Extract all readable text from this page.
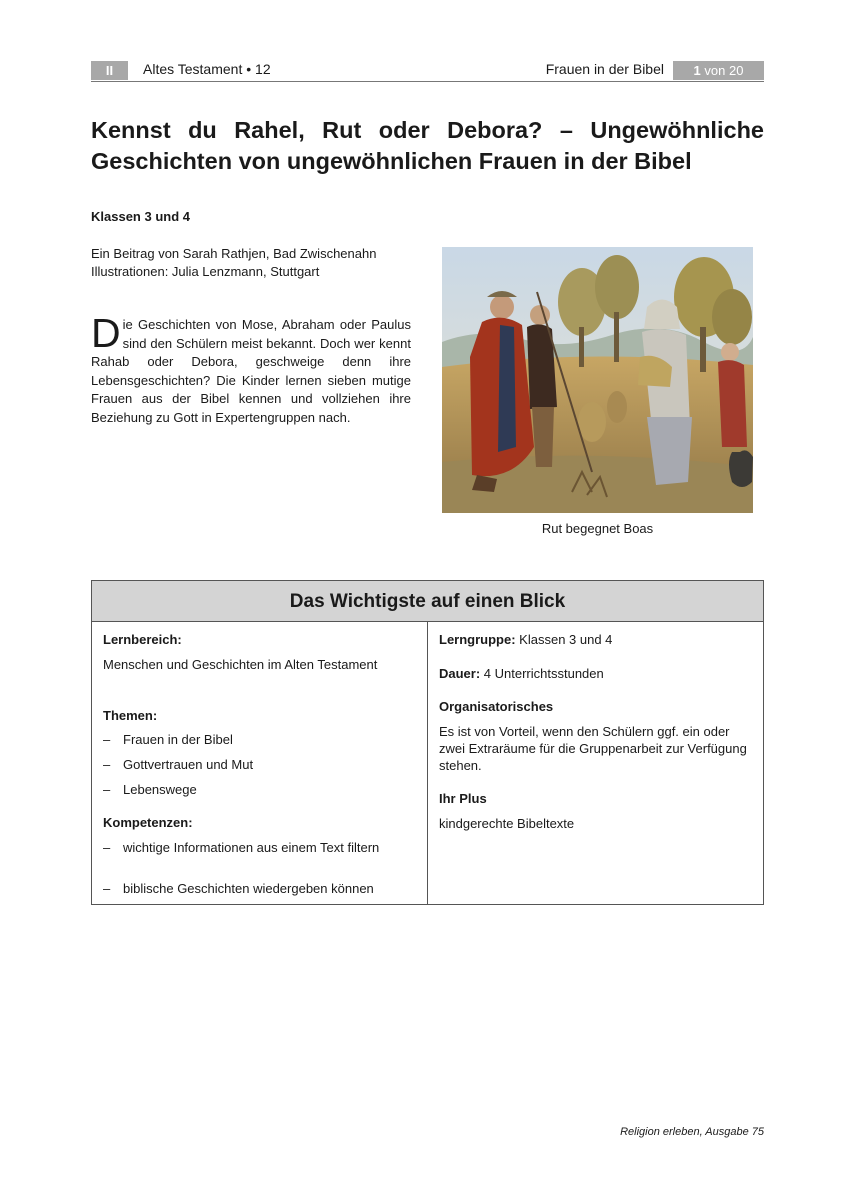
II	Altes Testament • 12	Frauen in der Bibel	1 von 20
Kennst du Rahel, Rut oder Debora? – Ungewöhnliche Geschichten von ungewöhnlichen Frauen in der Bibel
Klassen 3 und 4
Ein Beitrag von Sarah Rathjen, Bad Zwischenahn
Illustrationen: Julia Lenzmann, Stuttgart

Die Geschichten von Mose, Abraham oder Paulus sind den Schülern meist bekannt. Doch wer kennt Rahab oder Debora, geschweige denn ihre Lebensgeschichten? Die Kinder lernen sieben mutige Frauen aus der Bibel kennen und vollziehen ihre Beziehung zu Gott in Expertengruppen nach.

Rut begegnet Boas
Das Wichtigste auf einen Blick
Lernbereich:
Menschen und Geschichten im Alten Testament
Themen:
– Frauen in der Bibel
– Gottvertrauen und Mut
– Lebenswege
Kompetenzen:
– wichtige Informationen aus einem Text filtern
– biblische Geschichten wiedergeben können
Lerngruppe: Klassen 3 und 4
Dauer: 4 Unterrichtsstunden
Organisatorisches
Es ist von Vorteil, wenn den Schülern ggf. ein oder zwei Extraräume für die Gruppenarbeit zur Verfügung stehen.
Ihr Plus
kindgerechte Bibeltexte
Religion erleben, Ausgabe 75
